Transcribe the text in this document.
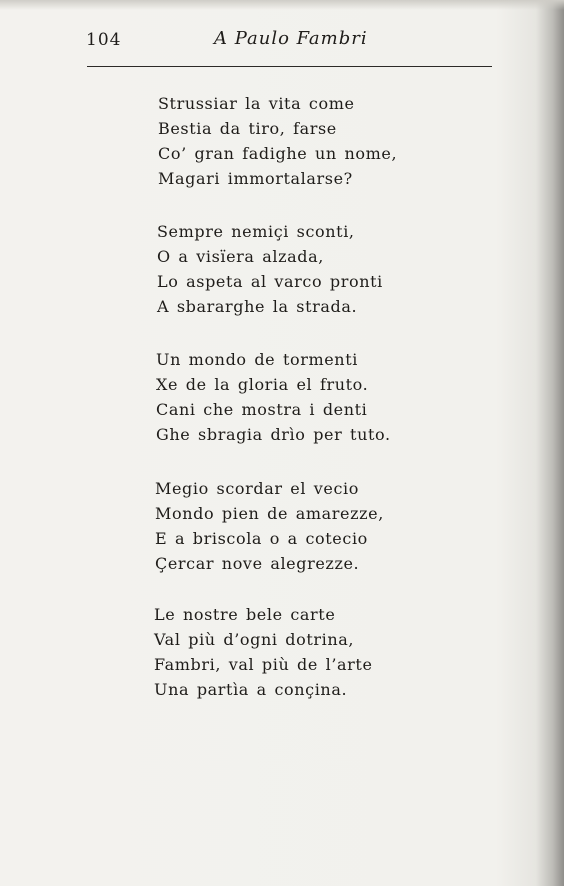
104	A Paulo Fambri
Strussiar la vita come
Bestia da tiro, farse
Co’ gran fadighe un nome,
Magari immortalarse?
Sempre nemiçi sconti,
O a visïera alzada,
Lo aspeta al varco pronti
A sbararghe la strada.
Un mondo de tormenti
Xe de la gloria el fruto.
Cani che mostra i denti
Ghe sbragia drìo per tuto.
Megio scordar el vecio
Mondo pien de amarezze,
E a briscola o a cotecio
Çercar nove alegrezze.
Le nostre bele carte
Val più d’ogni dotrina,
Fambri, val più de l’arte
Una partìa a conçina.
